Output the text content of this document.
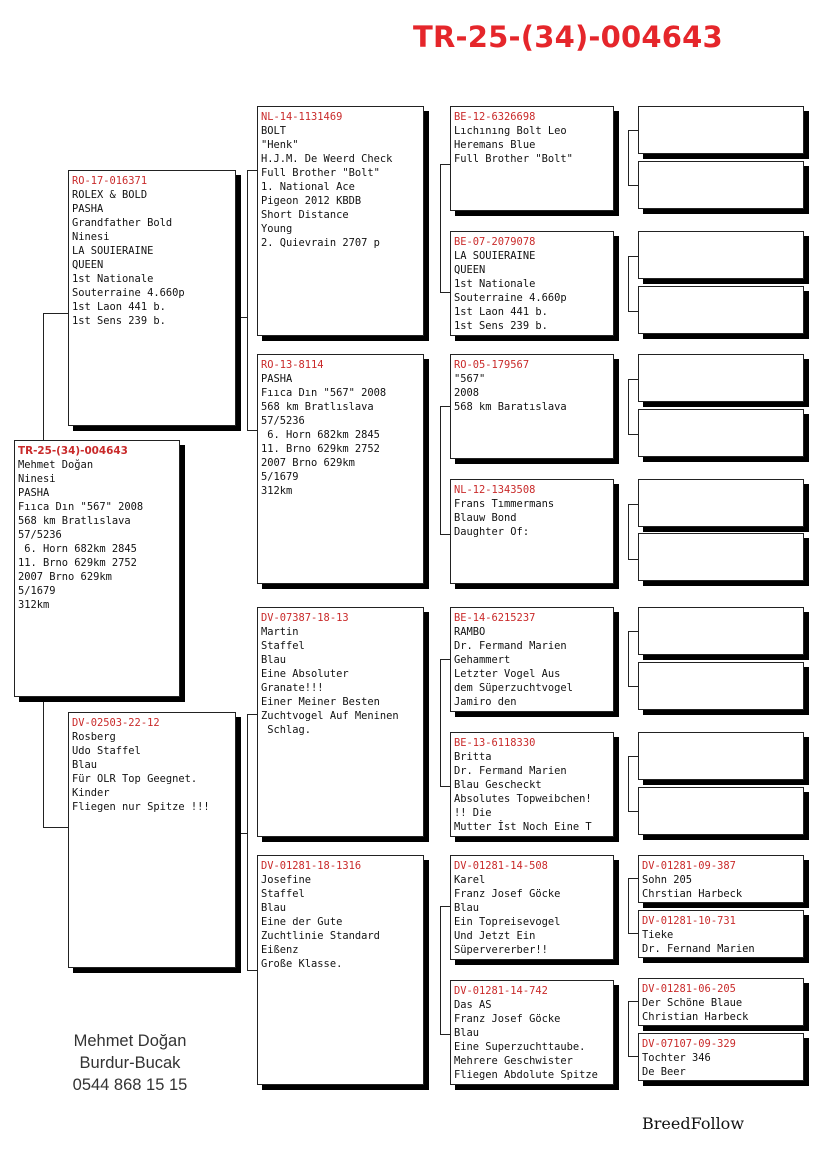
TR-25-(34)-004643
TR-25-(34)-004643
Mehmet Doğan
Ninesi
PASHA
Fııca Dın "567" 2008
568 km Bratlıslava
57/5236
6. Horn 682km 2845
11. Brno 629km 2752
2007 Brno 629km
5/1679
312km
RO-17-016371
ROLEX & BOLD
PASHA
Grandfather Bold
Ninesi
LA SOUIERAINE
QUEEN
1st Nationale
Souterraine 4.660p
1st Laon 441 b.
1st Sens 239 b.
DV-02503-22-12
Rosberg
Udo Staffel
Blau
Für OLR Top Geegnet.
Kinder
Fliegen nur Spitze !!!
NL-14-1131469
BOLT
"Henk"
H.J.M. De Weerd Check
Full Brother "Bolt"
1. National Ace
Pigeon 2012 KBDB
Short Distance
Young
2. Quievrain 2707 p
RO-13-8114
PASHA
Fııca Dın "567" 2008
568 km Bratlıslava
57/5236
6. Horn 682km 2845
11. Brno 629km 2752
2007 Brno 629km
5/1679
312km
DV-07387-18-13
Martin
Staffel
Blau
Eine Absoluter
Granate!!!
Einer Meiner Besten
Zuchtvogel Auf Meninen
Schlag.
DV-01281-18-1316
Josefine
Staffel
Blau
Eine der Gute
Zuchtlinie Standard
Eißenz
Große Klasse.
BE-12-6326698
Lıchınıng Bolt Leo
Heremans Blue
Full Brother "Bolt"
BE-07-2079078
LA SOUIERAINE
QUEEN
1st Nationale
Souterraine 4.660p
1st Laon 441 b.
1st Sens 239 b.
RO-05-179567
"567"
2008
568 km Baratıslava
NL-12-1343508
Frans Tımmermans
Blauw Bond
Daughter Of:
BE-14-6215237
RAMBO
Dr. Fermand Marien
Gehammert
Letzter Vogel Aus
dem Süperzuchtvogel
Jamiro den
BE-13-6118330
Britta
Dr. Fermand Marien
Blau Gescheckt
Absolutes Topweibchen!
!! Die
Mutter İst Noch Eine T
DV-01281-14-508
Karel
Franz Josef Göcke
Blau
Ein Topreisevogel
Und Jetzt Ein
Süpervererber!!
DV-01281-14-742
Das AS
Franz Josef Göcke
Blau
Eine Superzuchttaube.
Mehrere Geschwister
Fliegen Abdolute Spitze
DV-01281-09-387
Sohn 205
Chrstian Harbeck
DV-01281-10-731
Tieke
Dr. Fernand Marien
DV-01281-06-205
Der Schöne Blaue
Christian Harbeck
DV-07107-09-329
Tochter 346
De Beer
Mehmet Doğan
Burdur-Bucak
0544 868 15 15
BreedFollow
